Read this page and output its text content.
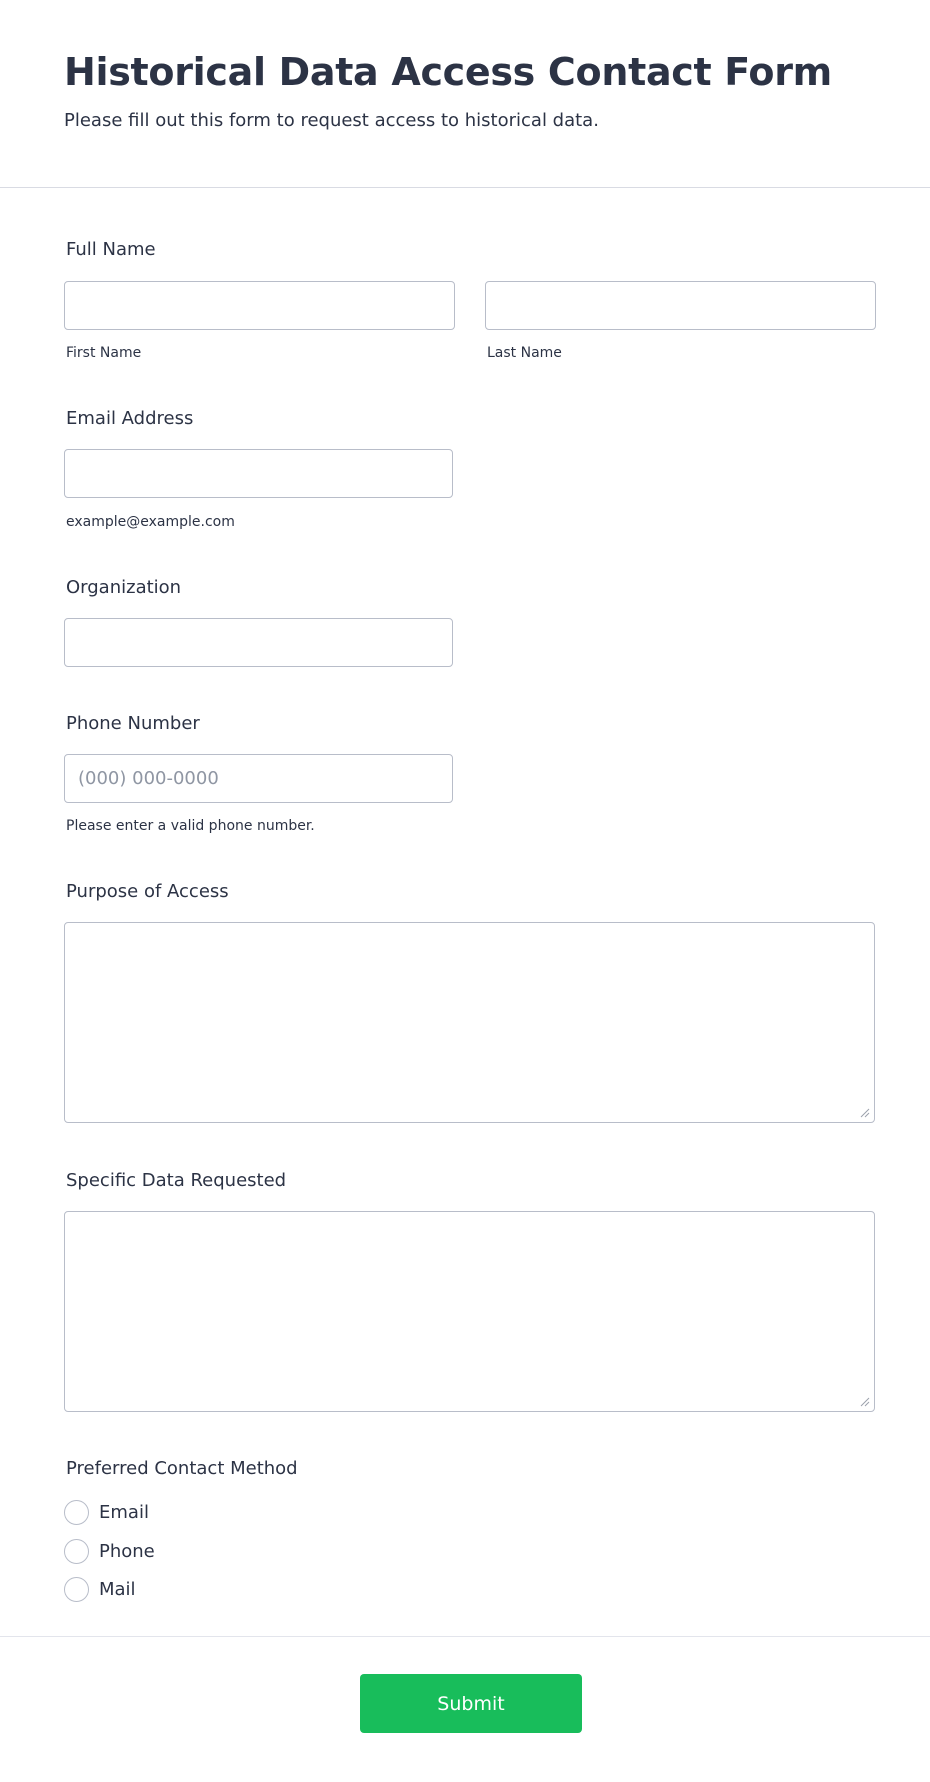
Historical Data Access Contact Form

Please fill out this form to request access to historical data.

Full Name

First Name	Last Name

Email Address

example@example.com

Organization

Phone Number

(000) 000-0000

Please enter a valid phone number.

Purpose of Access

Specific Data Requested

Preferred Contact Method

Email
Phone
Mail
Submit
